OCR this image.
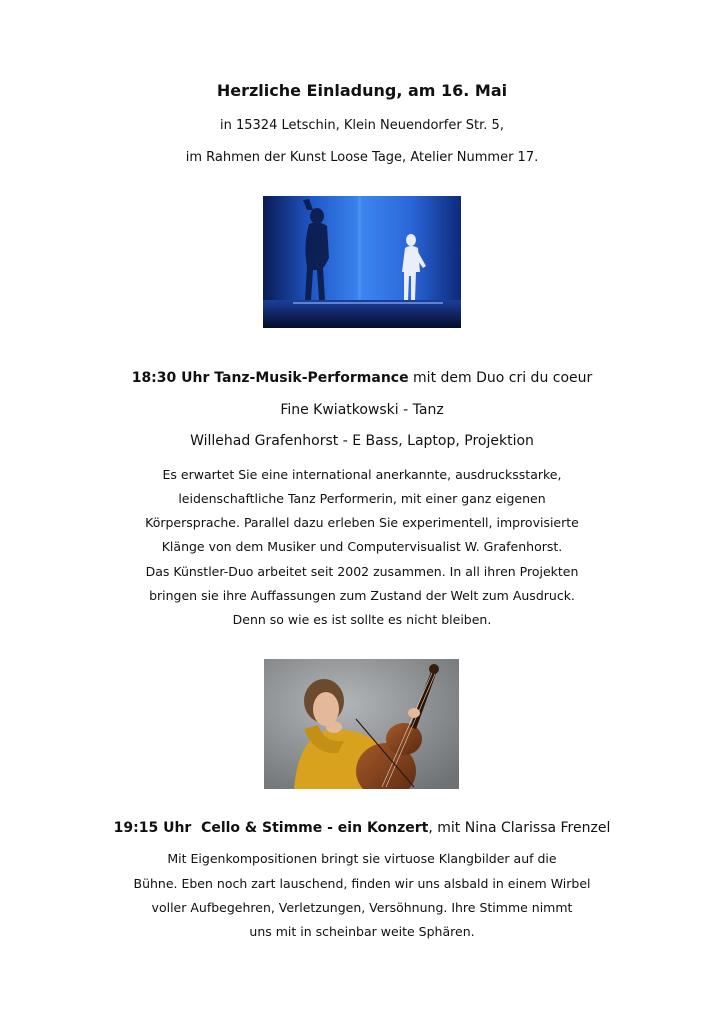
Herzliche Einladung, am 16. Mai
in 15324 Letschin, Klein Neuendorfer Str. 5,
im Rahmen der Kunst Loose Tage, Atelier Nummer 17.
18:30 Uhr Tanz-Musik-Performance mit dem Duo cri du coeur
Fine Kwiatkowski - Tanz
Willehad Grafenhorst - E Bass, Laptop, Projektion
Es erwartet Sie eine international anerkannte, ausdrucksstarke,
leidenschaftliche Tanz Performerin, mit einer ganz eigenen
Körpersprache. Parallel dazu erleben Sie experimentell, improvisierte
Klänge von dem Musiker und Computervisualist W. Grafenhorst.
Das Künstler-Duo arbeitet seit 2002 zusammen. In all ihren Projekten
bringen sie ihre Auffassungen zum Zustand der Welt zum Ausdruck.
Denn so wie es ist sollte es nicht bleiben.
19:15 Uhr  Cello & Stimme - ein Konzert, mit Nina Clarissa Frenzel
Mit Eigenkompositionen bringt sie virtuose Klangbilder auf die
Bühne. Eben noch zart lauschend, finden wir uns alsbald in einem Wirbel
voller Aufbegehren, Verletzungen, Versöhnung. Ihre Stimme nimmt
uns mit in scheinbar weite Sphären.
